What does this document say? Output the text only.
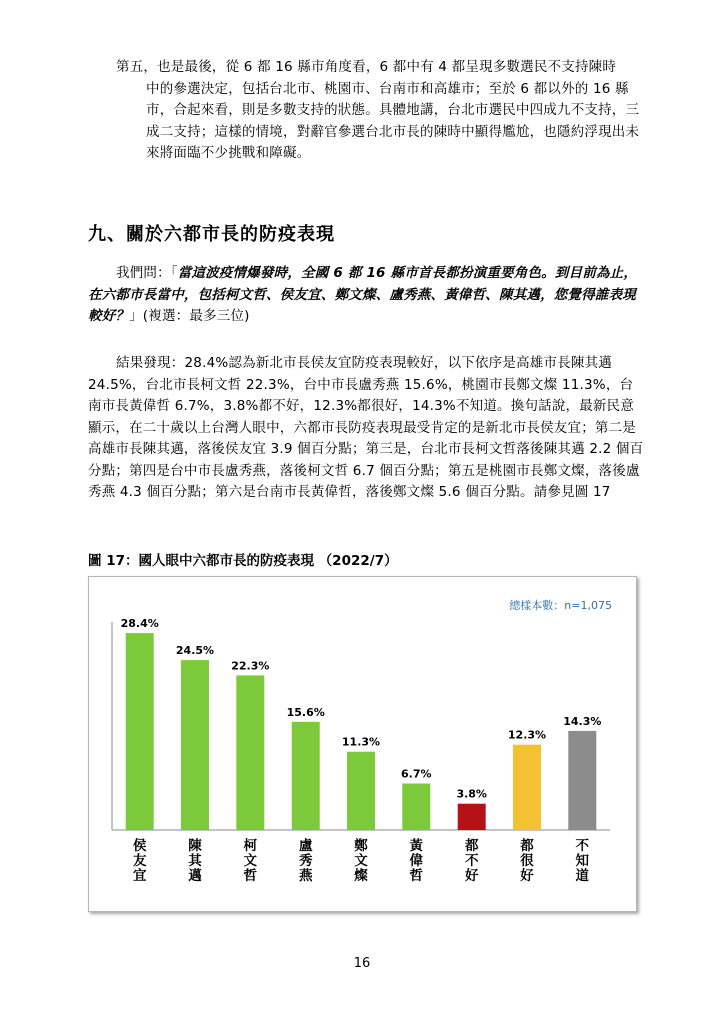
第五，也是最後，從 6 都 16 縣市角度看，6 都中有 4 都呈現多數選民不支持陳時
中的參選決定，包括台北市、桃園市、台南市和高雄市；至於 6 都以外的 16 縣市，合起來看，則是多數支持的狀態。具體地講，台北市選民中四成九不支持，三成二支持；這樣的情境，對辭官參選台北市長的陳時中顯得尷尬，也隱約浮現出未來將面臨不少挑戰和障礙。
九、關於六都市長的防疫表現
我們問：「當這波疫情爆發時，全國 6 都 16 縣市首長都扮演重要角色。到目前為止，在六都市長當中，包括柯文哲、侯友宜、鄭文燦、盧秀燕、黃偉哲、陳其邁，您覺得誰表現較好？」(複選：最多三位)
結果發現：28.4%認為新北市長侯友宜防疫表現較好，以下依序是高雄市長陳其邁 24.5%，台北市長柯文哲 22.3%，台中市長盧秀燕 15.6%，桃園市長鄭文燦 11.3%，台南市長黃偉哲 6.7%，3.8%都不好，12.3%都很好，14.3%不知道。換句話說，最新民意顯示，在二十歲以上台灣人眼中，六都市長防疫表現最受肯定的是新北市長侯友宜；第二是高雄市長陳其邁，落後侯友宜 3.9 個百分點；第三是，台北市長柯文哲落後陳其邁 2.2 個百分點；第四是台中市長盧秀燕，落後柯文哲 6.7 個百分點；第五是桃園市長鄭文燦，落後盧秀燕 4.3 個百分點；第六是台南市長黃偉哲，落後鄭文燦 5.6 個百分點。請參見圖 17
圖 17：國人眼中六都市長的防疫表現 （2022/7）
總樣本數：n=1,075
28.4%
侯友宜
24.5%
陳其邁
22.3%
柯文哲
15.6%
盧秀燕
11.3%
鄭文燦
6.7%
黃偉哲
3.8%
都不好
12.3%
都很好
14.3%
不知道
16
